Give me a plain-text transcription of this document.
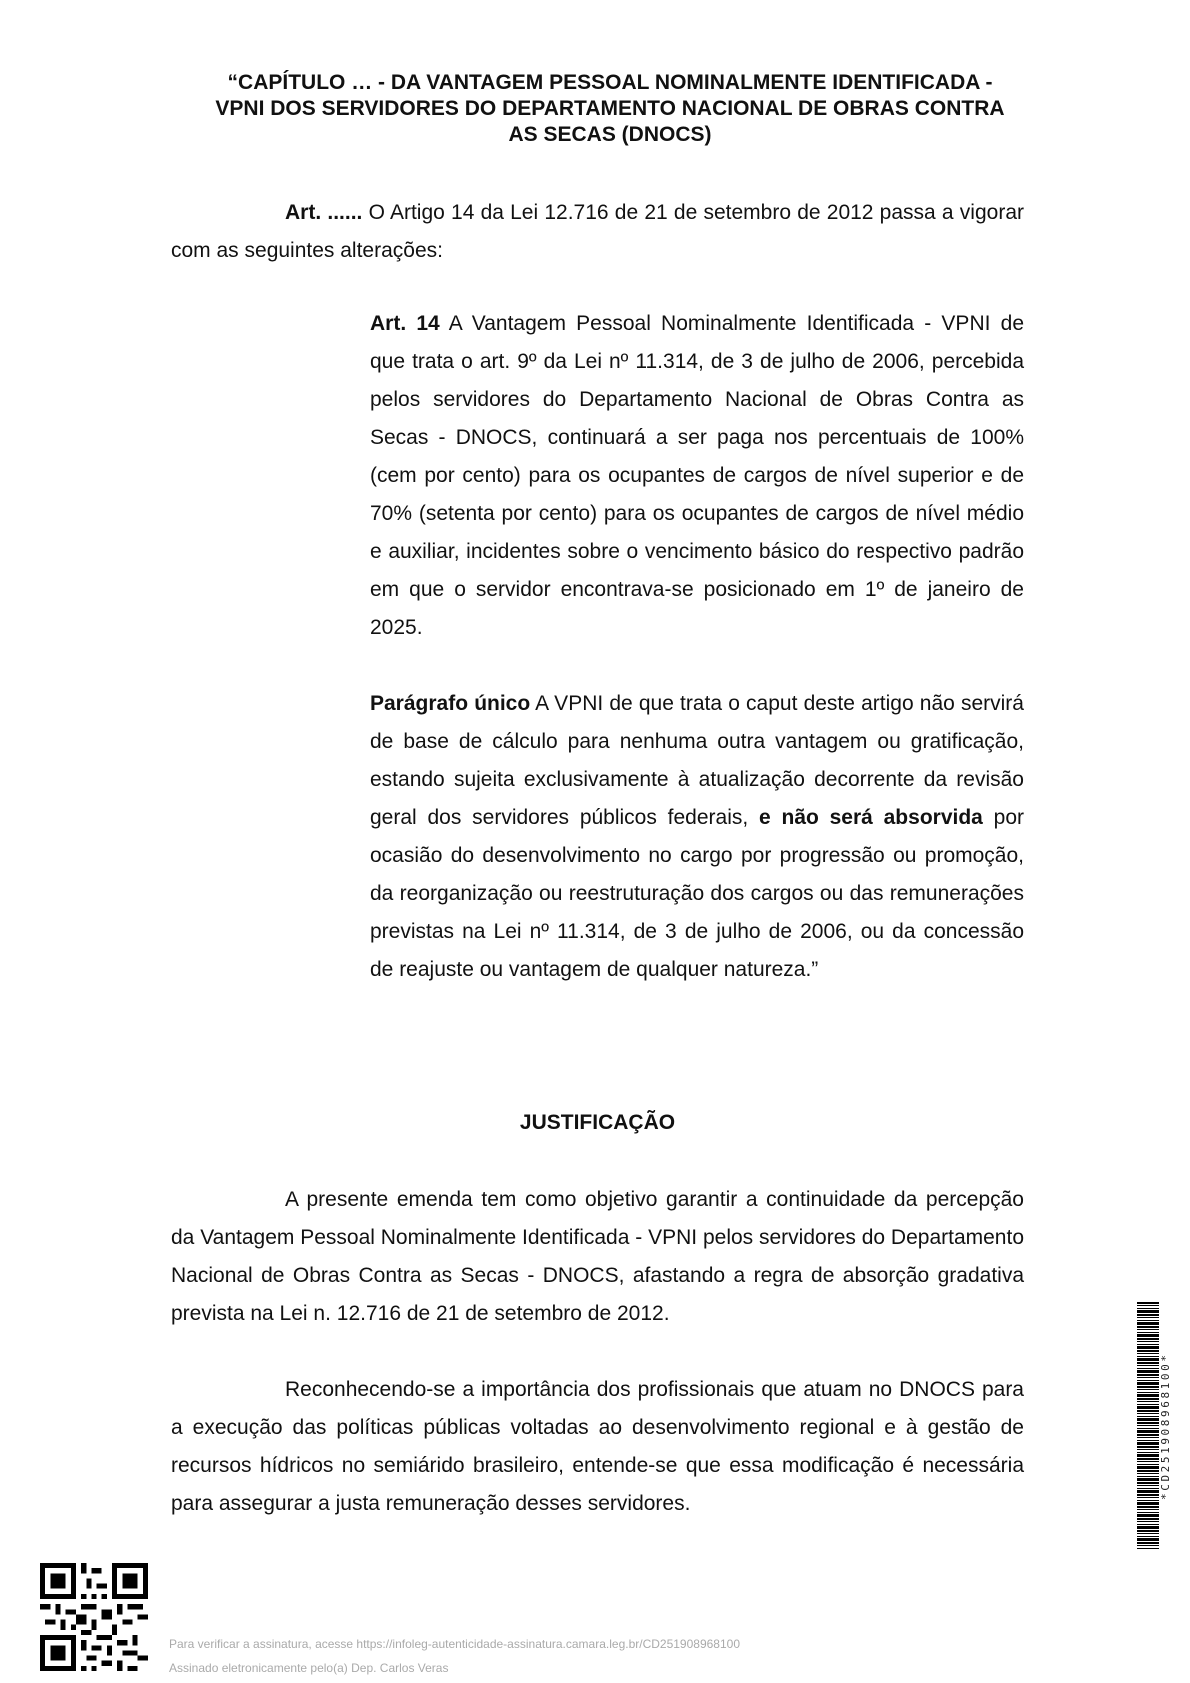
“CAPÍTULO … - DA VANTAGEM PESSOAL NOMINALMENTE IDENTIFICADA -
VPNI DOS SERVIDORES DO DEPARTAMENTO NACIONAL DE OBRAS CONTRA
AS SECAS (DNOCS)

Art. ...... O Artigo 14 da Lei 12.716 de 21 de setembro de 2012 passa a vigorar com as seguintes alterações:

Art. 14 A Vantagem Pessoal Nominalmente Identificada - VPNI de que trata o art. 9º da Lei nº 11.314, de 3 de julho de 2006, percebida pelos servidores do Departamento Nacional de Obras Contra as Secas - DNOCS, continuará a ser paga nos percentuais de 100% (cem por cento) para os ocupantes de cargos de nível superior e de 70% (setenta por cento) para os ocupantes de cargos de nível médio e auxiliar, incidentes sobre o vencimento básico do respectivo padrão em que o servidor encontrava-se posicionado em 1º de janeiro de 2025.

Parágrafo único A VPNI de que trata o caput deste artigo não servirá de base de cálculo para nenhuma outra vantagem ou gratificação, estando sujeita exclusivamente à atualização decorrente da revisão geral dos servidores públicos federais, e não será absorvida por ocasião do desenvolvimento no cargo por progressão ou promoção, da reorganização ou reestruturação dos cargos ou das remunerações previstas na Lei nº 11.314, de 3 de julho de 2006, ou da concessão de reajuste ou vantagem de qualquer natureza.”

JUSTIFICAÇÃO

A presente emenda tem como objetivo garantir a continuidade da percepção da Vantagem Pessoal Nominalmente Identificada - VPNI pelos servidores do Departamento Nacional de Obras Contra as Secas - DNOCS, afastando a regra de absorção gradativa prevista na Lei n. 12.716 de 21 de setembro de 2012.

Reconhecendo-se a importância dos profissionais que atuam no DNOCS para a execução das políticas públicas voltadas ao desenvolvimento regional e à gestão de recursos hídricos no semiárido brasileiro, entende-se que essa modificação é necessária para assegurar a justa remuneração desses servidores.

*CD251908968100*
Para verificar a assinatura, acesse https://infoleg-autenticidade-assinatura.camara.leg.br/CD251908968100
Assinado eletronicamente pelo(a) Dep. Carlos Veras
